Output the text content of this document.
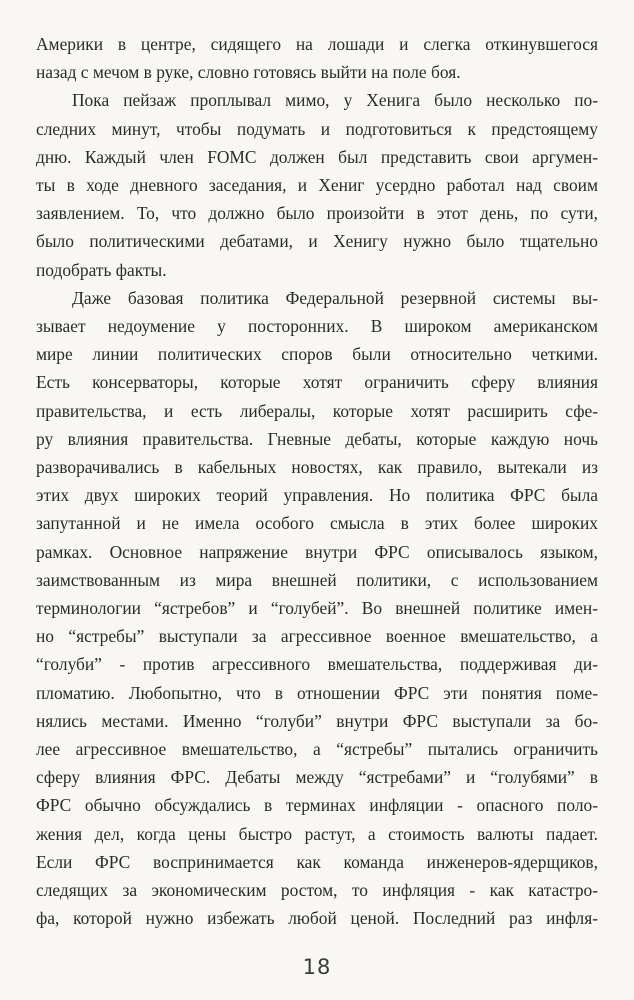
Америки в центре, сидящего на лошади и слегка откинувшегося
назад с мечом в руке, словно готовясь выйти на поле боя.
Пока пейзаж проплывал мимо, у Хенига было несколько по-
следних минут, чтобы подумать и подготовиться к предстоящему
дню. Каждый член FOMC должен был представить свои аргумен-
ты в ходе дневного заседания, и Хениг усердно работал над своим
заявлением. То, что должно было произойти в этот день, по сути,
было политическими дебатами, и Хенигу нужно было тщательно
подобрать факты.
Даже базовая политика Федеральной резервной системы вы-
зывает недоумение у посторонних. В широком американском
мире линии политических споров были относительно четкими.
Есть консерваторы, которые хотят ограничить сферу влияния
правительства, и есть либералы, которые хотят расширить сфе-
ру влияния правительства. Гневные дебаты, которые каждую ночь
разворачивались в кабельных новостях, как правило, вытекали из
этих двух широких теорий управления. Но политика ФРС была
запутанной и не имела особого смысла в этих более широких
рамках. Основное напряжение внутри ФРС описывалось языком,
заимствованным из мира внешней политики, с использованием
терминологии “ястребов” и “голубей”. Во внешней политике имен-
но “ястребы” выступали за агрессивное военное вмешательство, а
“голуби” - против агрессивного вмешательства, поддерживая ди-
пломатию. Любопытно, что в отношении ФРС эти понятия поме-
нялись местами. Именно “голуби” внутри ФРС выступали за бо-
лее агрессивное вмешательство, а “ястребы” пытались ограничить
сферу влияния ФРС. Дебаты между “ястребами” и “голубями” в
ФРС обычно обсуждались в терминах инфляции - опасного поло-
жения дел, когда цены быстро растут, а стоимость валюты падает.
Если ФРС воспринимается как команда инженеров-ядерщиков,
следящих за экономическим ростом, то инфляция - как катастро-
фа, которой нужно избежать любой ценой. Последний раз инфля-
18
